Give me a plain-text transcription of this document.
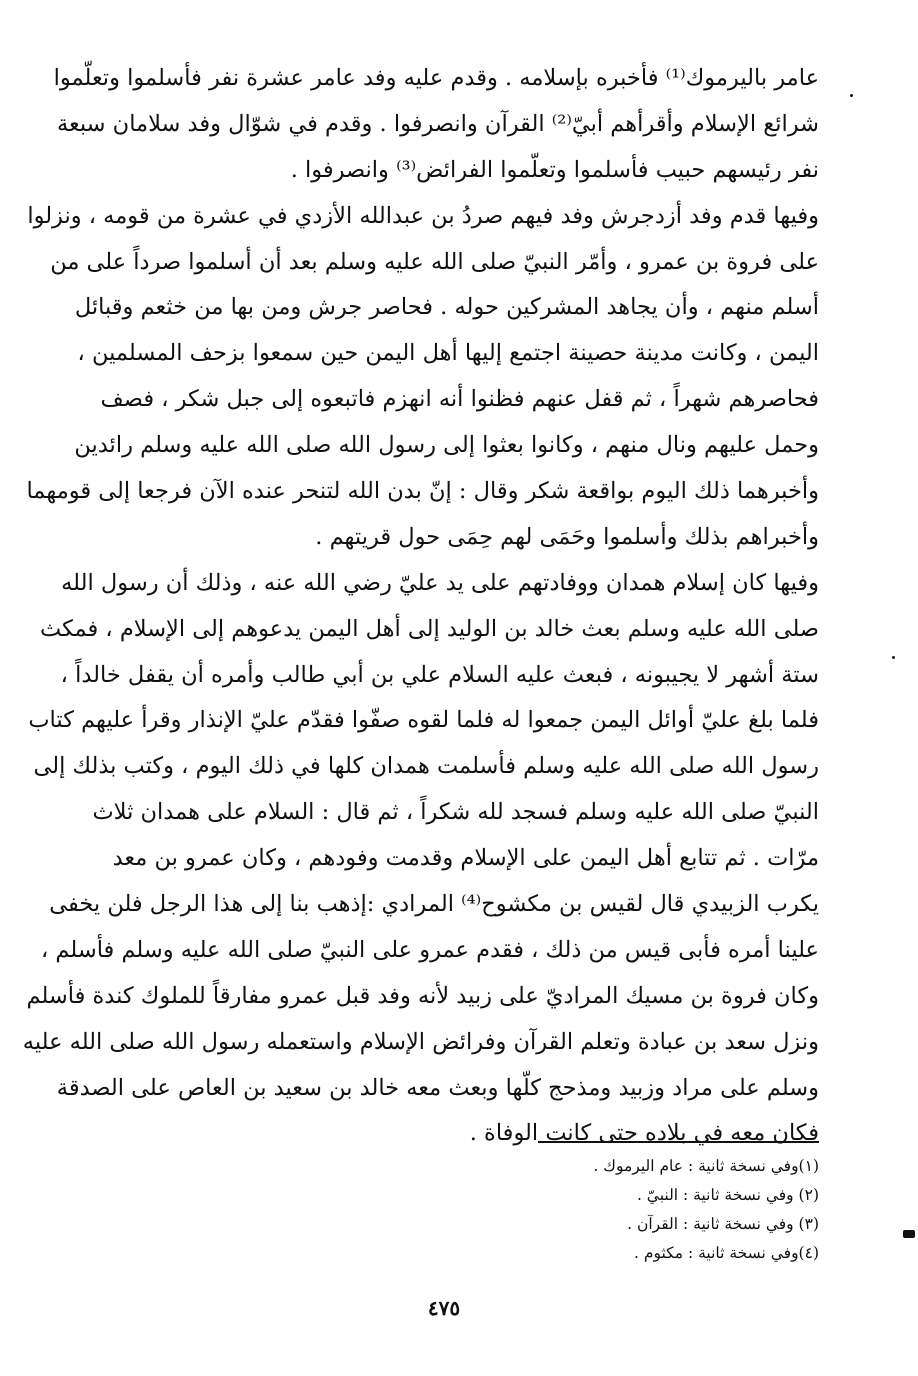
عامر باليرموك⁽¹⁾ فأخبره بإسلامه . وقدم عليه وفد عامر عشرة نفر فأسلموا وتعلّموا
شرائع الإسلام وأقرأهم أبيّ⁽²⁾ القرآن وانصرفوا . وقدم في شوّال وفد سلامان سبعة
نفر رئيسهم حبيب فأسلموا وتعلّموا الفرائض⁽³⁾ وانصرفوا .
وفيها قدم وفد أزدجرش وفد فيهم صردُ بن عبدالله الأزدي في عشرة من قومه ، ونزلوا
على فروة بن عمرو ، وأمّر النبيّ صلى الله عليه وسلم بعد أن أسلموا صرداً على من
أسلم منهم ، وأن يجاهد المشركين حوله . فحاصر جرش ومن بها من خثعم وقبائل
اليمن ، وكانت مدينة حصينة اجتمع إليها أهل اليمن حين سمعوا بزحف المسلمين ،
فحاصرهم شهراً ، ثم قفل عنهم فظنوا أنه انهزم فاتبعوه إلى جبل شكر ، فصف
وحمل عليهم ونال منهم ، وكانوا بعثوا إلى رسول الله صلى الله عليه وسلم رائدين
وأخبرهما ذلك اليوم بواقعة شكر وقال : إنّ بدن الله لتنحر عنده الآن فرجعا إلى قومهما
وأخبراهم بذلك وأسلموا وحَمَى لهم حِمَى حول قريتهم .
وفيها كان إسلام همدان ووفادتهم على يد عليّ رضي الله عنه ، وذلك أن رسول الله
صلى الله عليه وسلم بعث خالد بن الوليد إلى أهل اليمن يدعوهم إلى الإسلام ، فمكث
ستة أشهر لا يجيبونه ، فبعث عليه السلام علي بن أبي طالب وأمره أن يقفل خالداً ،
فلما بلغ عليّ أوائل اليمن جمعوا له فلما لقوه صفّوا فقدّم عليّ الإنذار وقرأ عليهم كتاب
رسول الله صلى الله عليه وسلم فأسلمت همدان كلها في ذلك اليوم ، وكتب بذلك إلى
النبيّ صلى الله عليه وسلم فسجد لله شكراً ، ثم قال : السلام على همدان ثلاث
مرّات . ثم تتابع أهل اليمن على الإسلام وقدمت وفودهم ، وكان عمرو بن معد
يكرب الزبيدي قال لقيس بن مكشوح⁽⁴⁾ المرادي :إذهب بنا إلى هذا الرجل فلن يخفى
علينا أمره فأبى قيس من ذلك ، فقدم عمرو على النبيّ صلى الله عليه وسلم فأسلم ،
وكان فروة بن مسيك المراديّ على زبيد لأنه وفد قبل عمرو مفارقاً للملوك كندة فأسلم
ونزل سعد بن عبادة وتعلم القرآن وفرائض الإسلام واستعمله رسول الله صلى الله عليه
وسلم على مراد وزبيد ومذحج كلّها وبعث معه خالد بن سعيد بن العاص على الصدقة
فكان معه في بلاده حتى كانت الوفاة .
(١)وفي نسخة ثانية : عام اليرموك .
(٢) وفي نسخة ثانية : النبيّ .
(٣) وفي نسخة ثانية : القرآن .
(٤)وفي نسخة ثانية : مكثوم .
٤٧٥
